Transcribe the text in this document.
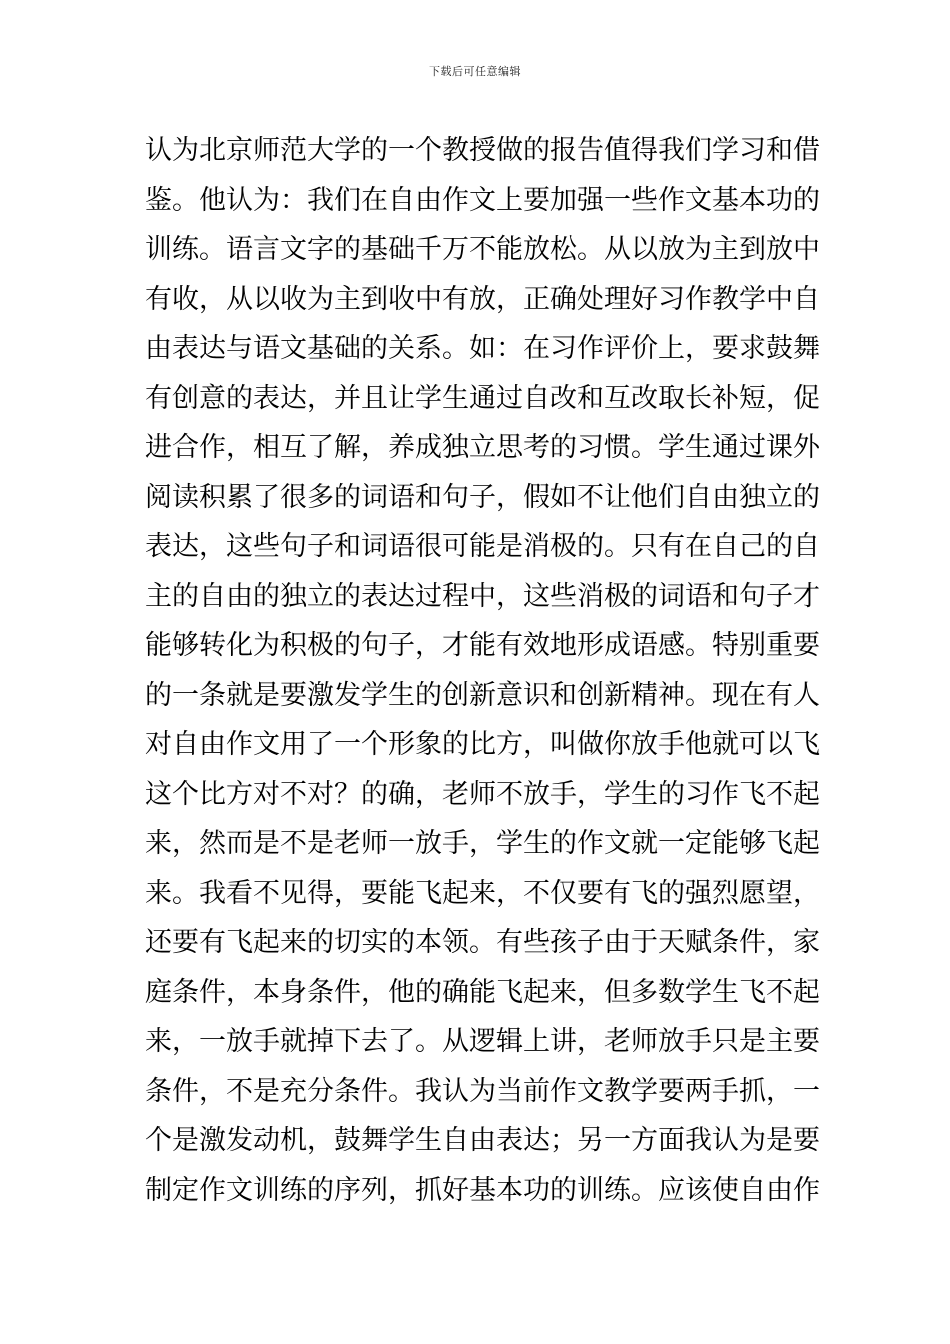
下载后可任意编辑
认为北京师范大学的一个教授做的报告值得我们学习和借
鉴。他认为：我们在自由作文上要加强一些作文基本功的
训练。语言文字的基础千万不能放松。从以放为主到放中
有收，从以收为主到收中有放，正确处理好习作教学中自
由表达与语文基础的关系。如：在习作评价上，要求鼓舞
有创意的表达，并且让学生通过自改和互改取长补短，促
进合作，相互了解，养成独立思考的习惯。学生通过课外
阅读积累了很多的词语和句子，假如不让他们自由独立的
表达，这些句子和词语很可能是消极的。只有在自己的自
主的自由的独立的表达过程中，这些消极的词语和句子才
能够转化为积极的句子，才能有效地形成语感。特别重要
的一条就是要激发学生的创新意识和创新精神。现在有人
对自由作文用了一个形象的比方，叫做你放手他就可以飞
这个比方对不对？的确，老师不放手，学生的习作飞不起
来，然而是不是老师一放手，学生的作文就一定能够飞起
来。我看不见得，要能飞起来，不仅要有飞的强烈愿望，
还要有飞起来的切实的本领。有些孩子由于天赋条件，家
庭条件，本身条件，他的确能飞起来，但多数学生飞不起
来，一放手就掉下去了。从逻辑上讲，老师放手只是主要
条件，不是充分条件。我认为当前作文教学要两手抓，一
个是激发动机，鼓舞学生自由表达；另一方面我认为是要
制定作文训练的序列，抓好基本功的训练。应该使自由作
